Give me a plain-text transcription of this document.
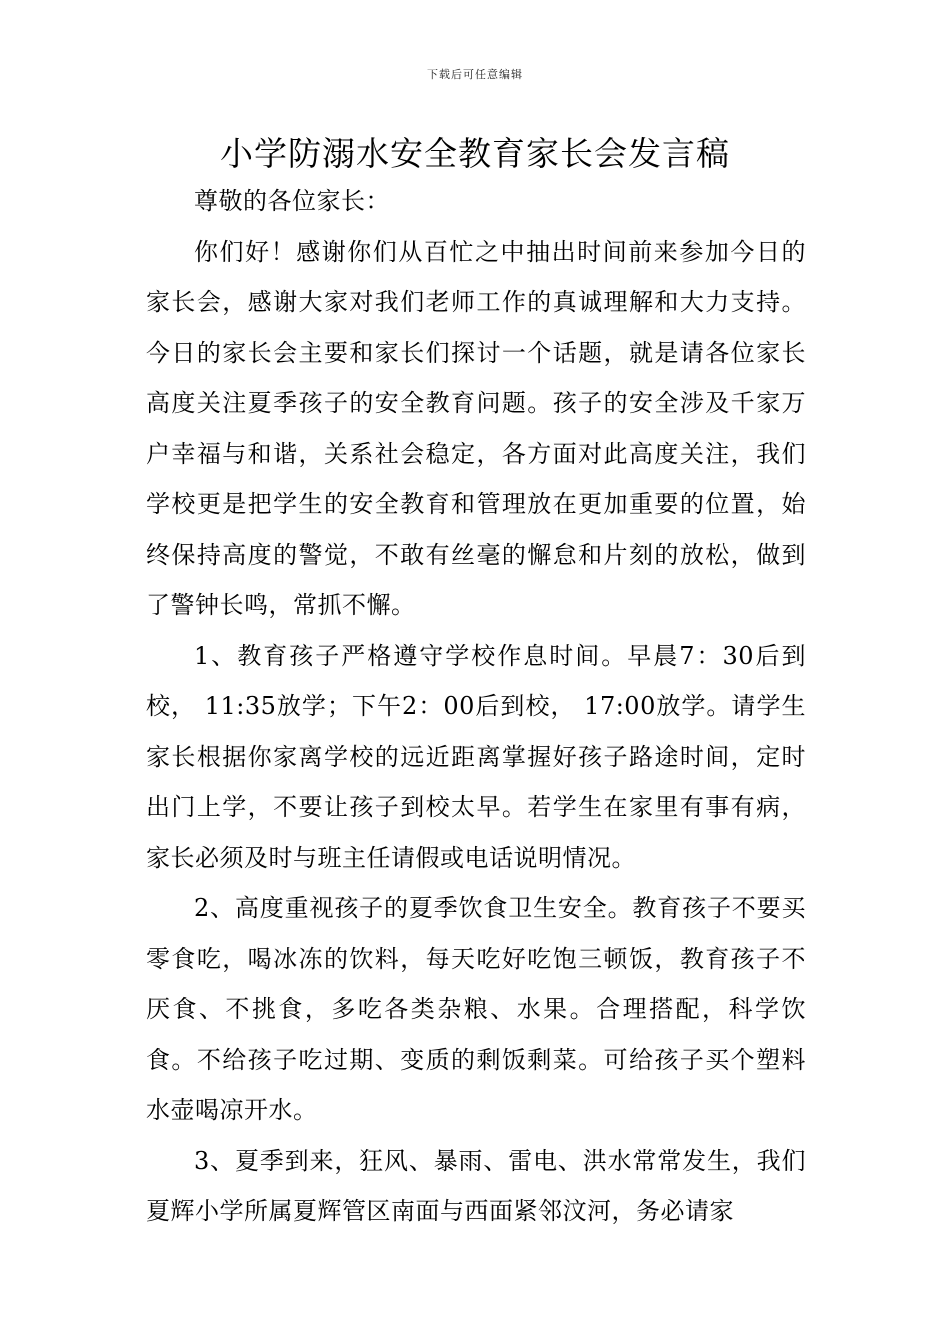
下载后可任意编辑
小学防溺水安全教育家长会发言稿

尊敬的各位家长：

你们好！感谢你们从百忙之中抽出时间前来参加今日的家长会，感谢大家对我们老师工作的真诚理解和大力支持。今日的家长会主要和家长们探讨一个话题，就是请各位家长高度关注夏季孩子的安全教育问题。孩子的安全涉及千家万户幸福与和谐，关系社会稳定，各方面对此高度关注，我们学校更是把学生的安全教育和管理放在更加重要的位置，始终保持高度的警觉，不敢有丝毫的懈怠和片刻的放松，做到了警钟长鸣，常抓不懈。

1、教育孩子严格遵守学校作息时间。早晨7：30后到校， 11:35放学；下午2：00后到校， 17:00放学。请学生家长根据你家离学校的远近距离掌握好孩子路途时间，定时出门上学，不要让孩子到校太早。若学生在家里有事有病，家长必须及时与班主任请假或电话说明情况。

2、高度重视孩子的夏季饮食卫生安全。教育孩子不要买零食吃，喝冰冻的饮料，每天吃好吃饱三顿饭，教育孩子不厌食、不挑食，多吃各类杂粮、水果。合理搭配，科学饮食。不给孩子吃过期、变质的剩饭剩菜。可给孩子买个塑料水壶喝凉开水。

3、夏季到来，狂风、暴雨、雷电、洪水常常发生，我们夏辉小学所属夏辉管区南面与西面紧邻汶河，务必请家
